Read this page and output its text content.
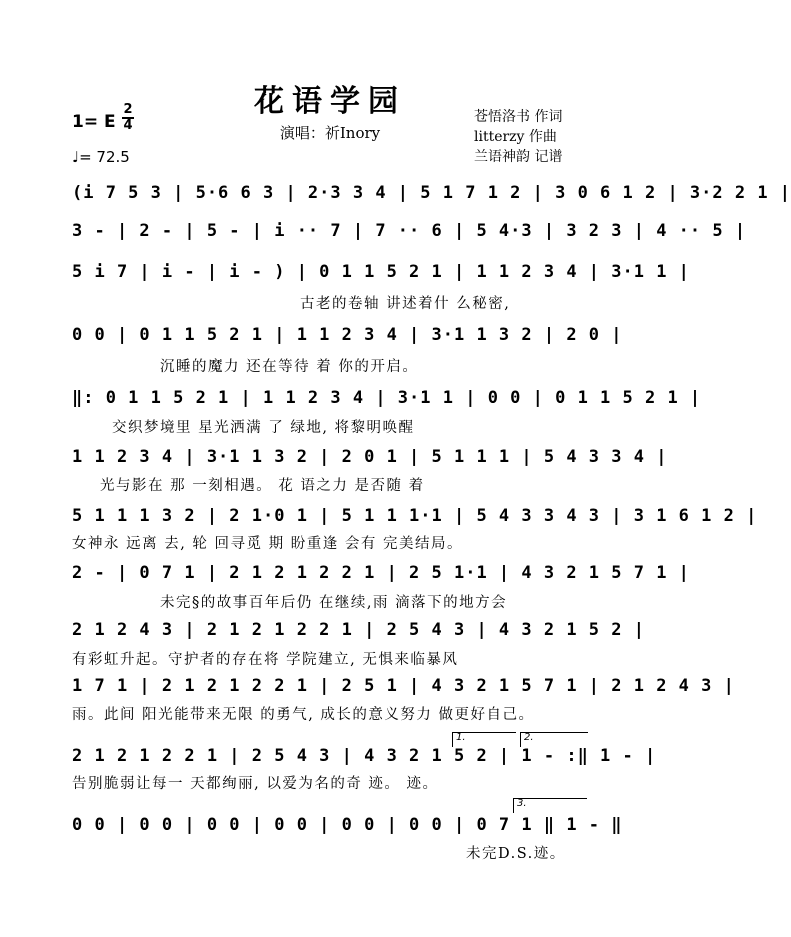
花语学园
演唱：祈Inory
苍悟洛书 作词
litterzy 作曲
兰语神韵 记谱
1= E
2
4
♩= 72.5
(i 7 5 3 | 5·6 6 3 | 2·3 3 4 | 5 1 7 1 2 | 3 0 6 1 2 | 3·2 2 1 |
3 - | 2 - | 5 - | i ·· 7 | 7 ·· 6 | 5 4·3 | 3 2 3 | 4 ·· 5 |
5 i 7 | i - | i - ) | 0 1 1 5 2 1 | 1 1 2 3 4 | 3·1 1 |
古老的卷轴 讲述着什 么秘密,
0 0 | 0 1 1 5 2 1 | 1 1 2 3 4 | 3·1 1 3 2 | 2 0 |
沉睡的魔力 还在等待 着 你的开启。
‖: 0 1 1 5 2 1 | 1 1 2 3 4 | 3·1 1 | 0 0 | 0 1 1 5 2 1 |
交织梦境里 星光洒满 了 绿地, 将黎明唤醒
1 1 2 3 4 | 3·1 1 3 2 | 2 0 1 | 5 1 1 1 | 5 4 3 3 4 |
光与影在 那 一刻相遇。 花 语之力 是否随 着
5 1 1 1 3 2 | 2 1·0 1 | 5 1 1 1·1 | 5 4 3 3 4 3 | 3 1 6 1 2 |
女神永 远离 去, 轮 回寻觅 期 盼重逢 会有 完美结局。
2 - | 0 7 1 | 2 1 2 1 2 2 1 | 2 5 1·1 | 4 3 2 1 5 7 1 |
未完§的故事百年后仍 在继续,雨 滴落下的地方会
2 1 2 4 3 | 2 1 2 1 2 2 1 | 2 5 4 3 | 4 3 2 1 5 2 |
有彩虹升起。守护者的存在将 学院建立, 无惧来临暴风
1 7 1 | 2 1 2 1 2 2 1 | 2 5 1 | 4 3 2 1 5 7 1 | 2 1 2 4 3 |
雨。此间 阳光能带来无限 的勇气, 成长的意义努力 做更好自己。
1.	2.
2 1 2 1 2 2 1 | 2 5 4 3 | 4 3 2 1 5 2 | 1 - :‖ 1 - |
告别脆弱让每一 天都绚丽, 以爱为名的奇 迹。 迹。
3.
0 0 | 0 0 | 0 0 | 0 0 | 0 0 | 0 0 | 0 7 1 ‖ 1 - ‖
未完D.S.迹。
